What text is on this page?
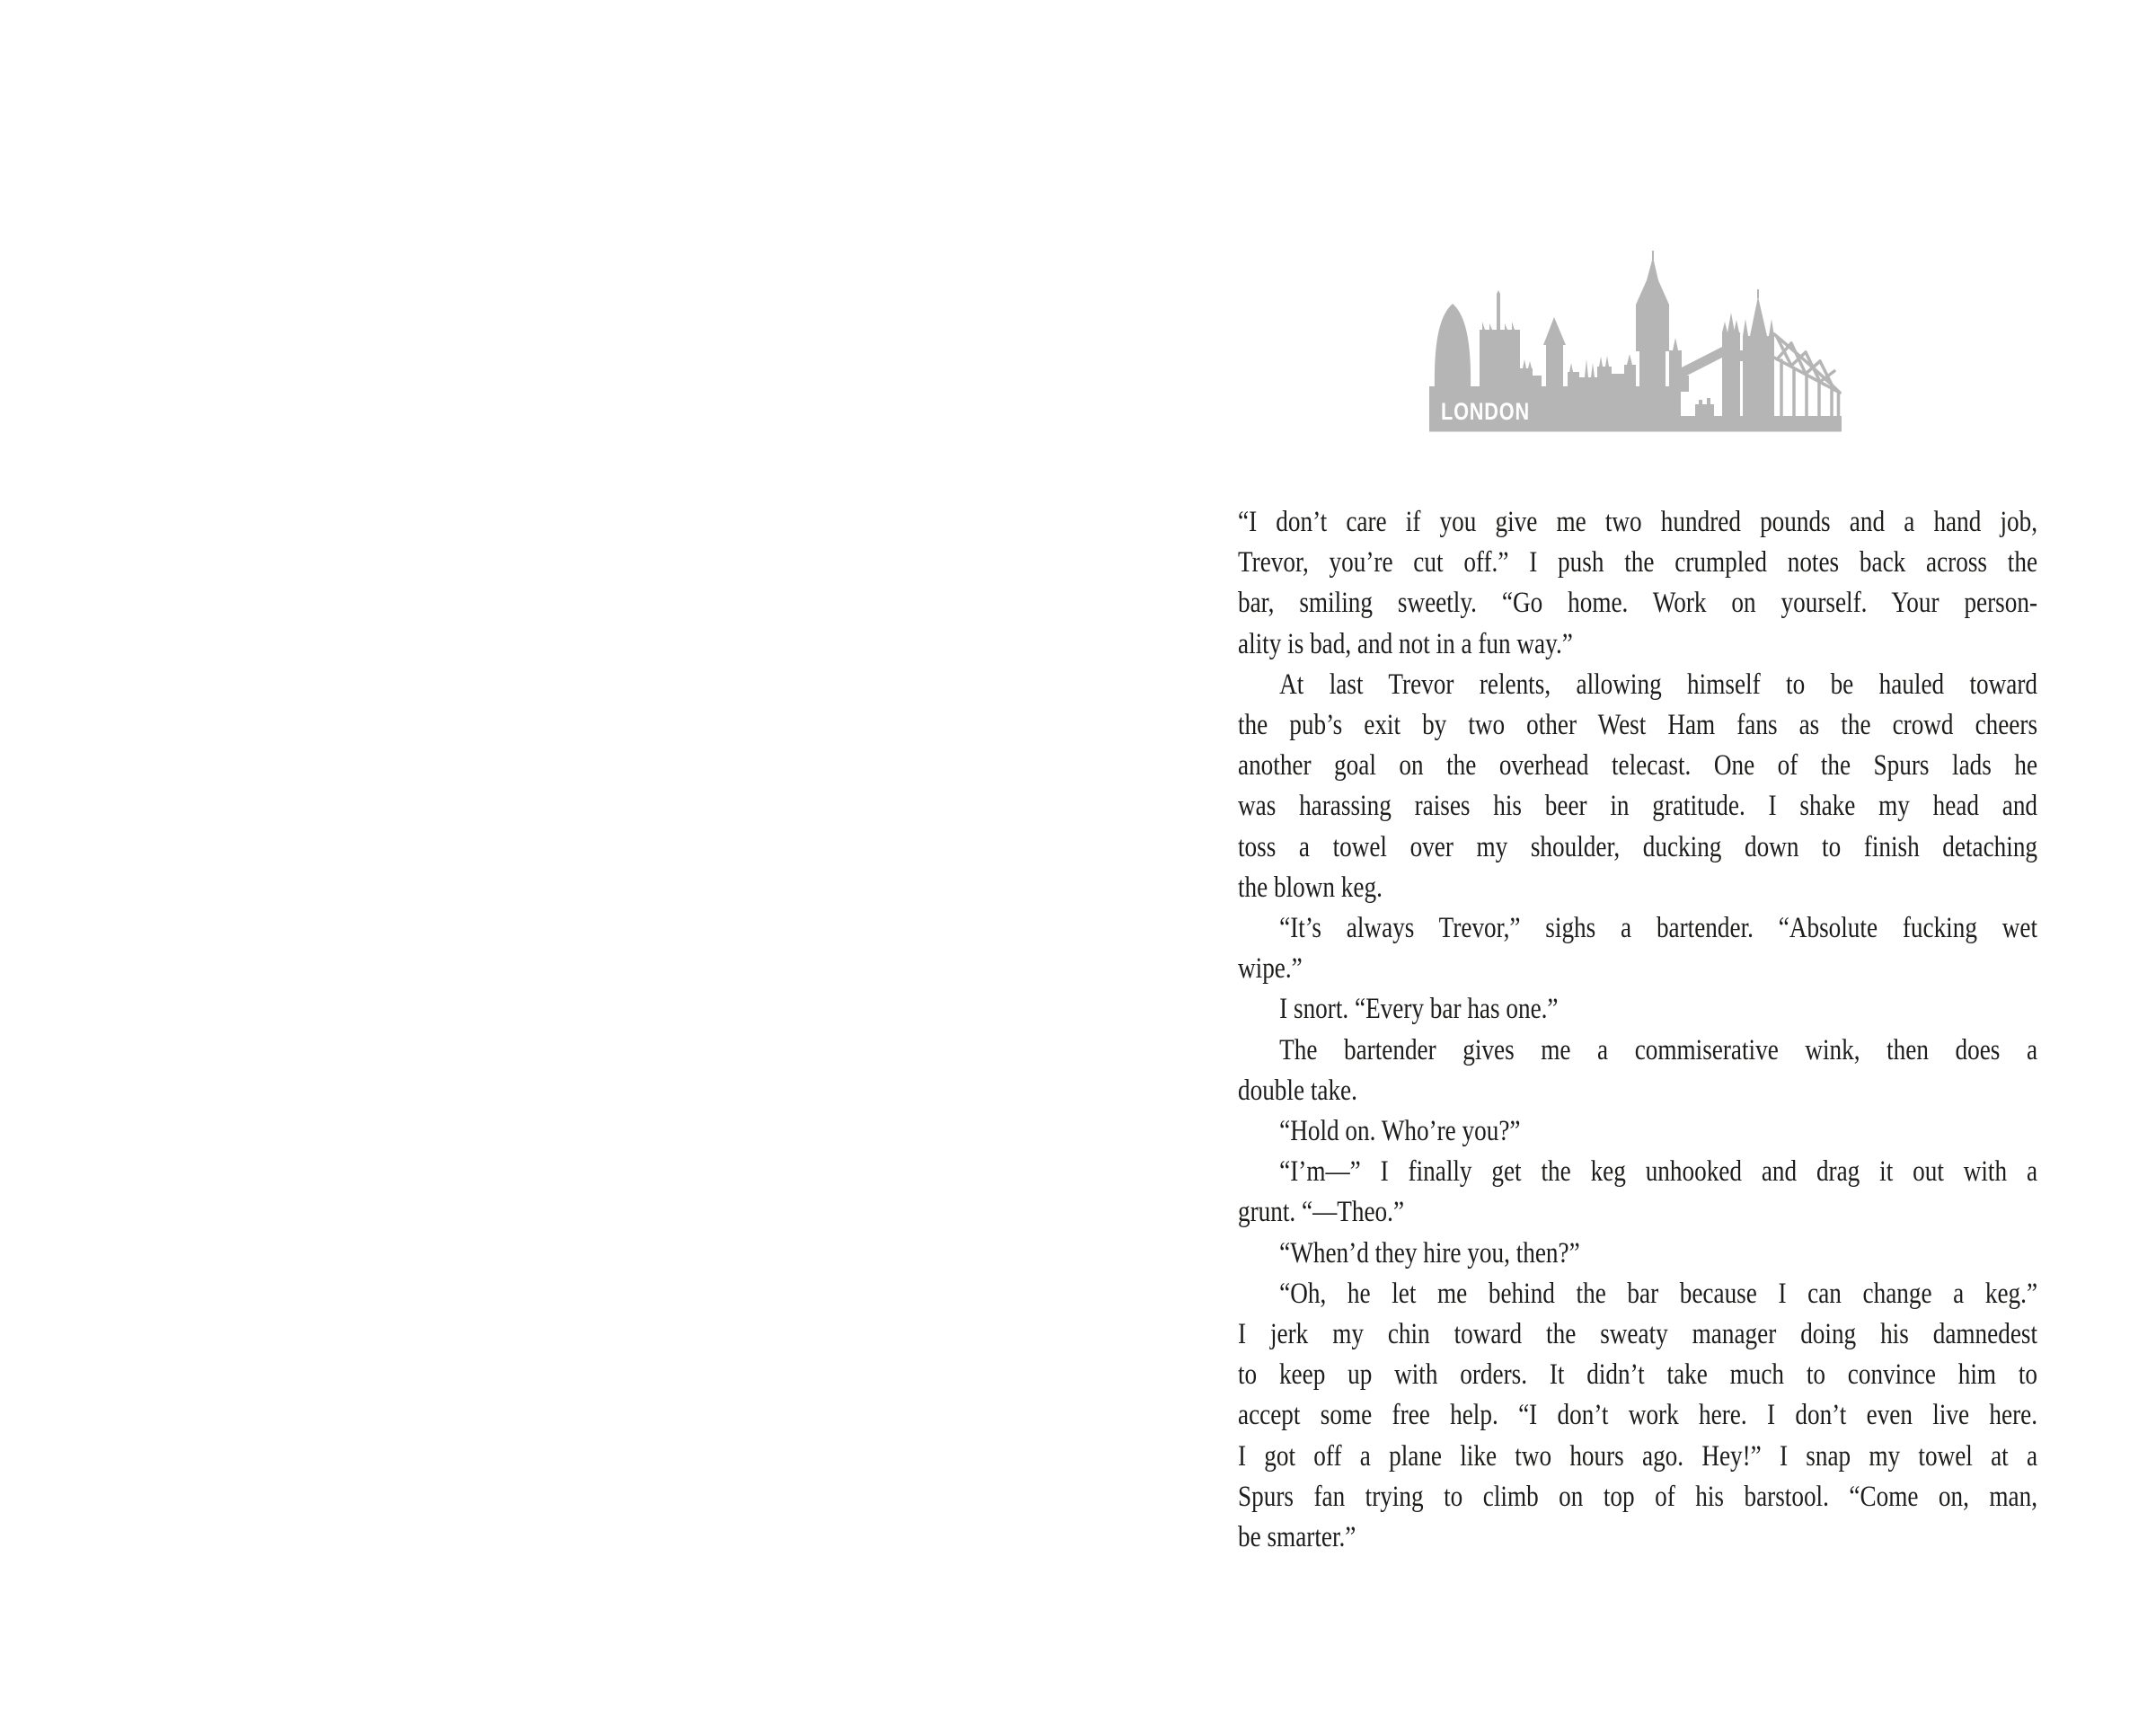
LONDON

“I don’t care if you give me two hundred pounds and a hand job,
Trevor, you’re cut off.” I push the crumpled notes back across the
bar, smiling sweetly. “Go home. Work on yourself. Your person-
ality is bad, and not in a fun way.”

At last Trevor relents, allowing himself to be hauled toward
the pub’s exit by two other West Ham fans as the crowd cheers
another goal on the overhead telecast. One of the Spurs lads he
was harassing raises his beer in gratitude. I shake my head and
toss a towel over my shoulder, ducking down to finish detaching
the blown keg.

“It’s always Trevor,” sighs a bartender. “Absolute fucking wet
wipe.”

I snort. “Every bar has one.”

The bartender gives me a commiserative wink, then does a
double take.

“Hold on. Who’re you?”

“I’m—” I finally get the keg unhooked and drag it out with a
grunt. “—Theo.”

“When’d they hire you, then?”

“Oh, he let me behind the bar because I can change a keg.”
I jerk my chin toward the sweaty manager doing his damnedest
to keep up with orders. It didn’t take much to convince him to
accept some free help. “I don’t work here. I don’t even live here.
I got off a plane like two hours ago. Hey!” I snap my towel at a
Spurs fan trying to climb on top of his barstool. “Come on, man,
be smarter.”
